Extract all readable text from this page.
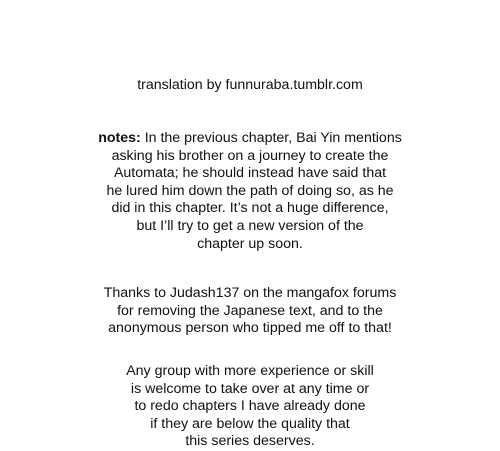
translation by funnuraba.tumblr.com

notes: In the previous chapter, Bai Yin mentions

asking his brother on a journey to create the

Automata; he should instead have said that

he lured him down the path of doing so, as he

did in this chapter. It’s not a huge difference,

but I’ll try to get a new version of the

chapter up soon.

Thanks to Judash137 on the mangafox forums

for removing the Japanese text, and to the

anonymous person who tipped me off to that!

Any group with more experience or skill

is welcome to take over at any time or

to redo chapters I have already done

if they are below the quality that

this series deserves.
